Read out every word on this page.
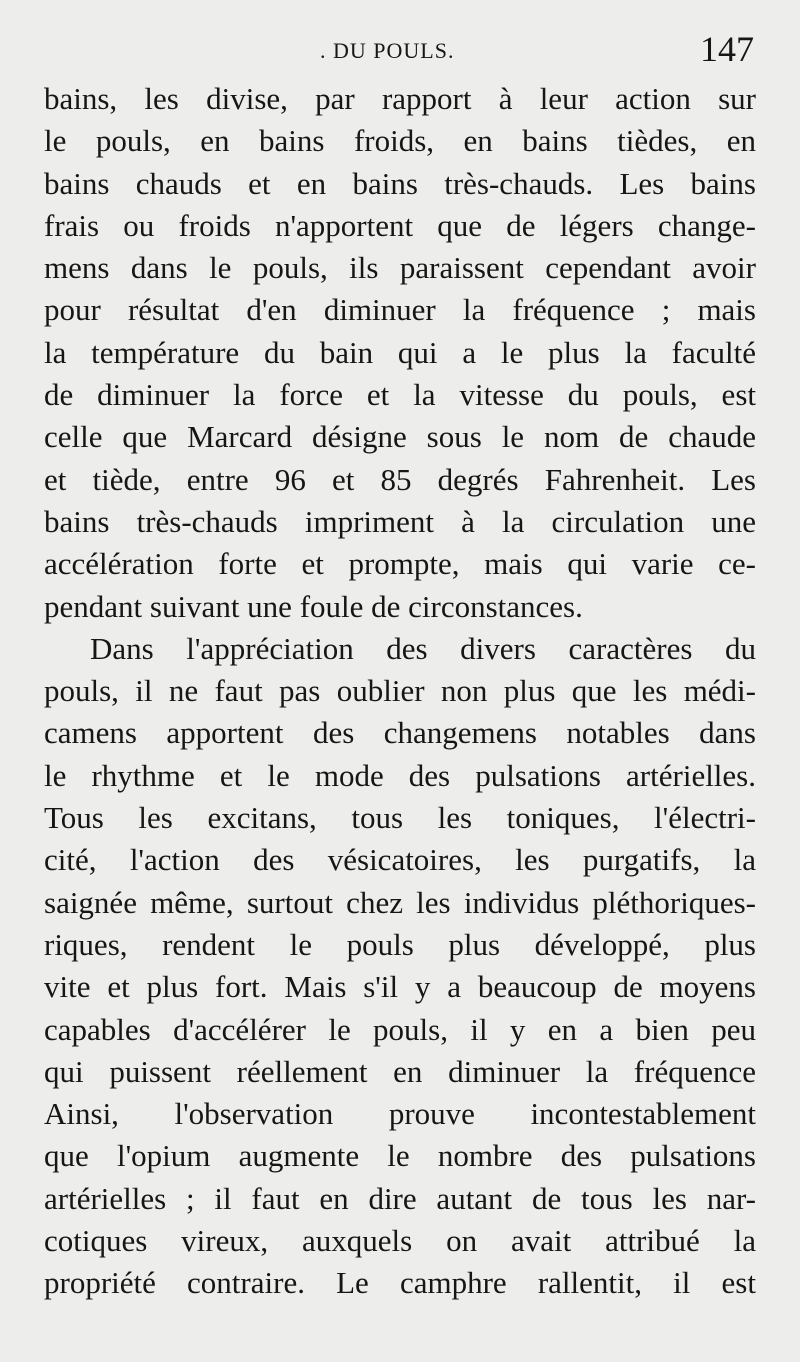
. DU POULS.	147
bains, les divise, par rapport à leur action sur
le pouls, en bains froids, en bains tièdes, en
bains chauds et en bains très-chauds. Les bains
frais ou froids n'apportent que de légers change-
mens dans le pouls, ils paraissent cependant avoir
pour résultat d'en diminuer la fréquence ; mais
la température du bain qui a le plus la faculté
de diminuer la force et la vitesse du pouls, est
celle que Marcard désigne sous le nom de chaude
et tiède, entre 96 et 85 degrés Fahrenheit. Les
bains très-chauds impriment à la circulation une
accélération forte et prompte, mais qui varie ce-
pendant suivant une foule de circonstances.
Dans l'appréciation des divers caractères du
pouls, il ne faut pas oublier non plus que les médi-
camens apportent des changemens notables dans
le rhythme et le mode des pulsations artérielles.
Tous les excitans, tous les toniques, l'électri-
cité, l'action des vésicatoires, les purgatifs, la
saignée même, surtout chez les individus pléthoriques-
riques, rendent le pouls plus développé, plus
vite et plus fort. Mais s'il y a beaucoup de moyens
capables d'accélérer le pouls, il y en a bien peu
qui puissent réellement en diminuer la fréquence
Ainsi, l'observation prouve incontestablement
que l'opium augmente le nombre des pulsations
artérielles ; il faut en dire autant de tous les nar-
cotiques vireux, auxquels on avait attribué la
propriété contraire. Le camphre rallentit, il est
